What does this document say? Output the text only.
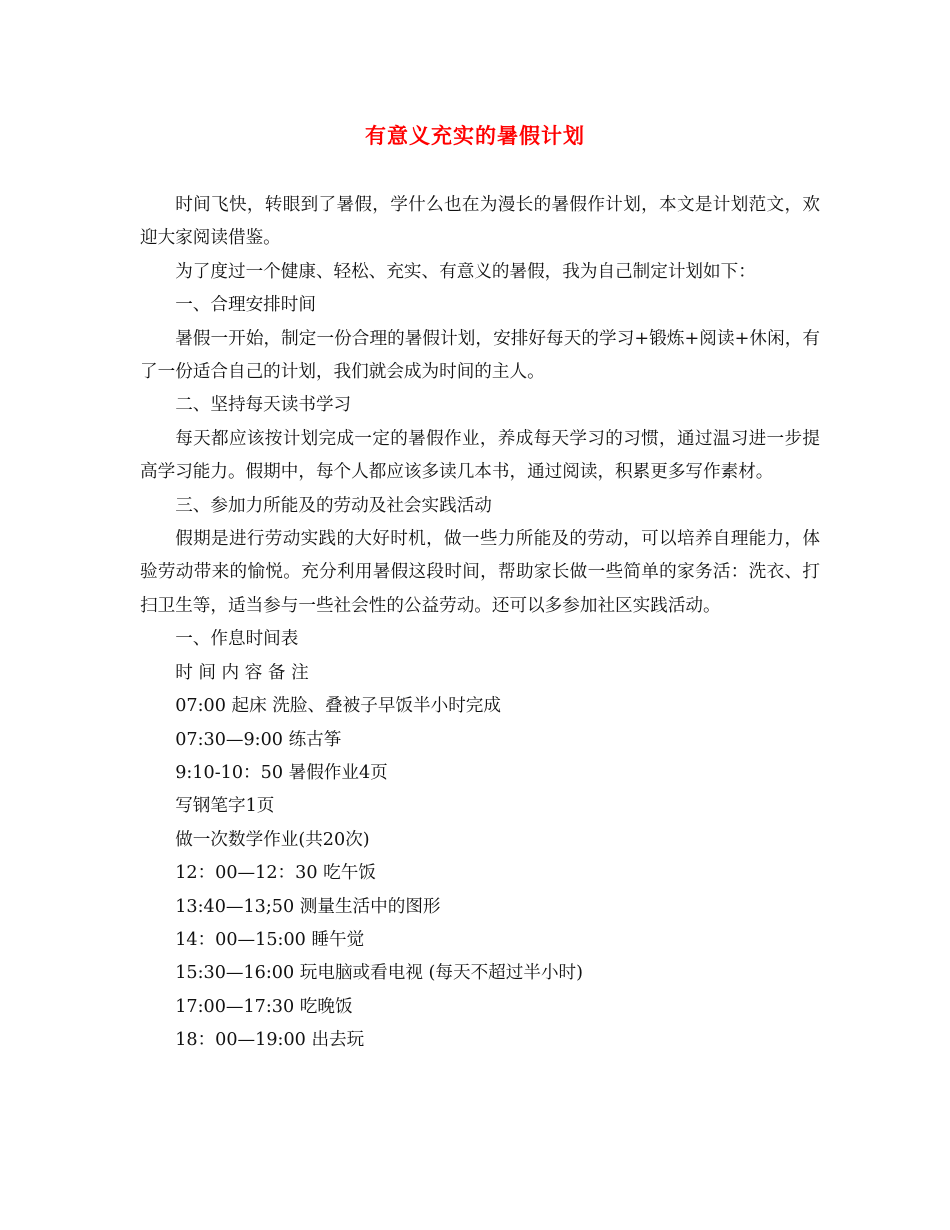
有意义充实的暑假计划

时间飞快，转眼到了暑假，学什么也在为漫长的暑假作计划，本文是计划范文，欢迎大家阅读借鉴。

为了度过一个健康、轻松、充实、有意义的暑假，我为自己制定计划如下：

一、合理安排时间

暑假一开始，制定一份合理的暑假计划，安排好每天的学习+锻炼+阅读+休闲，有了一份适合自己的计划，我们就会成为时间的主人。

二、坚持每天读书学习

每天都应该按计划完成一定的暑假作业，养成每天学习的习惯，通过温习进一步提高学习能力。假期中，每个人都应该多读几本书，通过阅读，积累更多写作素材。

三、参加力所能及的劳动及社会实践活动

假期是进行劳动实践的大好时机，做一些力所能及的劳动，可以培养自理能力，体验劳动带来的愉悦。充分利用暑假这段时间，帮助家长做一些简单的家务活：洗衣、打扫卫生等，适当参与一些社会性的公益劳动。还可以多参加社区实践活动。

一、作息时间表

时 间 内 容 备 注

07:00 起床 洗脸、叠被子早饭半小时完成

07:30—9:00 练古筝

9:10-10：50 暑假作业4页

写钢笔字1页

做一次数学作业(共20次)

12：00—12：30 吃午饭

13:40—13;50 测量生活中的图形

14：00—15:00 睡午觉

15:30—16:00 玩电脑或看电视 (每天不超过半小时)

17:00—17:30 吃晚饭

18：00—19:00 出去玩
